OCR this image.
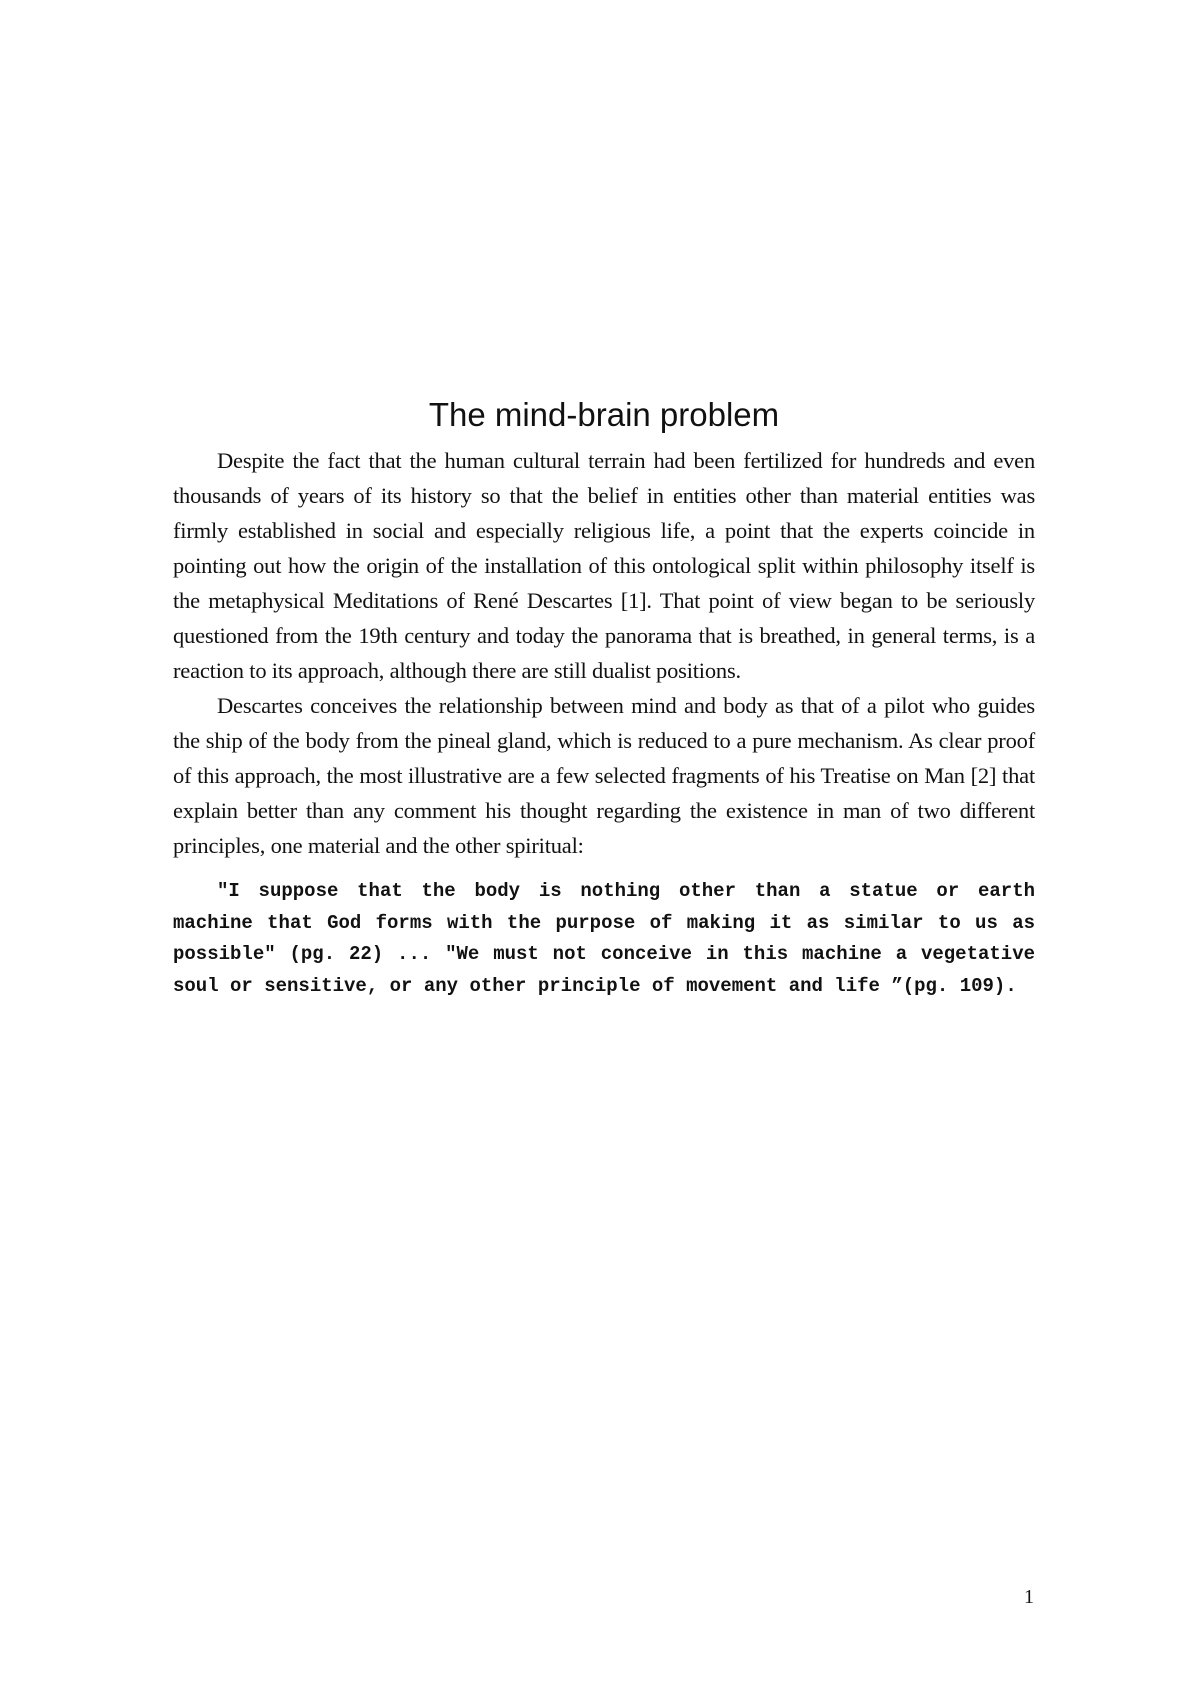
The mind-brain problem

Despite the fact that the human cultural terrain had been fertilized for hundreds and even thousands of years of its history so that the belief in entities other than material entities was firmly established in social and especially religious life, a point that the experts coincide in pointing out how the origin of the installation of this ontological split within philosophy itself is the metaphysical Meditations of René Descartes [1]. That point of view began to be seriously questioned from the 19th century and today the panorama that is breathed, in general terms, is a reaction to its approach, although there are still dualist positions.

Descartes conceives the relationship between mind and body as that of a pilot who guides the ship of the body from the pineal gland, which is reduced to a pure mechanism. As clear proof of this approach, the most illustrative are a few selected fragments of his Treatise on Man [2] that explain better than any comment his thought regarding the existence in man of two different principles, one material and the other spiritual:

"I suppose that the body is nothing other than a statue or earth machine that God forms with the purpose of making it as similar to us as possible" (pg. 22) ... "We must not conceive in this machine a vegetative soul or sensitive, or any other principle of movement and life ”(pg. 109).

1
